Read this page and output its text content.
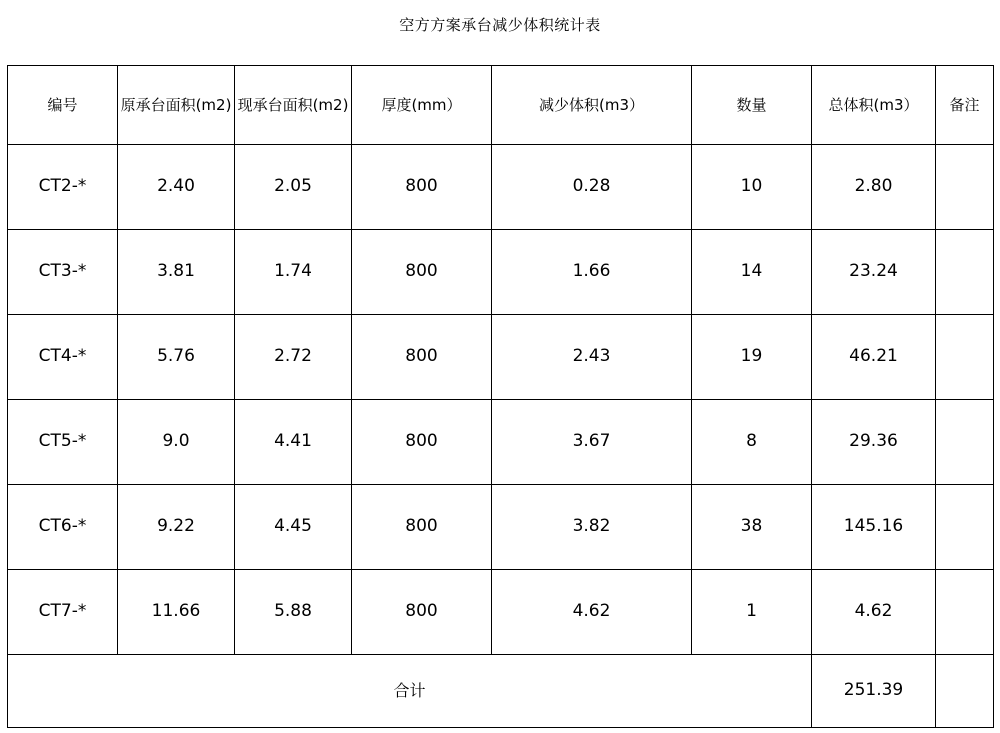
空方方案承台减少体积统计表
编号	原承台面积(m2)	现承台面积(m2)	厚度(mm）	减少体积(m3）	数量	总体积(m3）	备注

CT2-*	2.40	2.05	800	0.28	10	2.80	

CT3-*	3.81	1.74	800	1.66	14	23.24	

CT4-*	5.76	2.72	800	2.43	19	46.21	

CT5-*	9.0	4.41	800	3.67	8	29.36	

CT6-*	9.22	4.45	800	3.82	38	145.16	

CT7-*	11.66	5.88	800	4.62	1	4.62	

合计						251.39	
